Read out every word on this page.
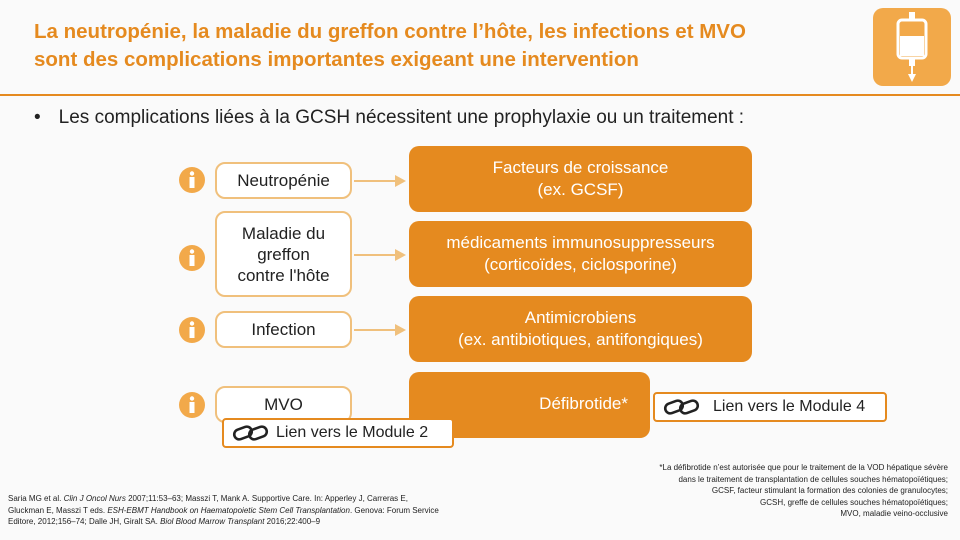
La neutropénie, la maladie du greffon contre l’hôte, les infections et MVO
sont des complications importantes exigeant une intervention
• Les complications liées à la GCSH nécessitent une prophylaxie ou un traitement :
Neutropénie
Maladie du
greffon
contre l'hôte
Infection
MVO
Facteurs de croissance
(ex. GCSF)
médicaments immunosuppresseurs
(corticoïdes, ciclosporine)
Antimicrobiens
(ex. antibiotiques, antifongiques)
Défibrotide*	Lien vers le Module 4
Lien vers le Module 2
Saria MG et al. Clin J Oncol Nurs 2007;11:53–63; Masszi T, Mank A. Supportive Care. In: Apperley J, Carreras E,
Gluckman E, Masszi T eds. ESH-EBMT Handbook on Haematopoietic Stem Cell Transplantation. Genova: Forum Service
Editore, 2012;156–74; Dalle JH, Giralt SA. Biol Blood Marrow Transplant 2016;22:400–9
*La défibrotide n’est autorisée que pour le traitement de la VOD hépatique sévère
dans le traitement de transplantation de cellules souches hématopoïétiques;
GCSF, facteur stimulant la formation des colonies de granulocytes;
GCSH, greffe de cellules souches hématopoïétiques;
MVO, maladie veino-occlusive
